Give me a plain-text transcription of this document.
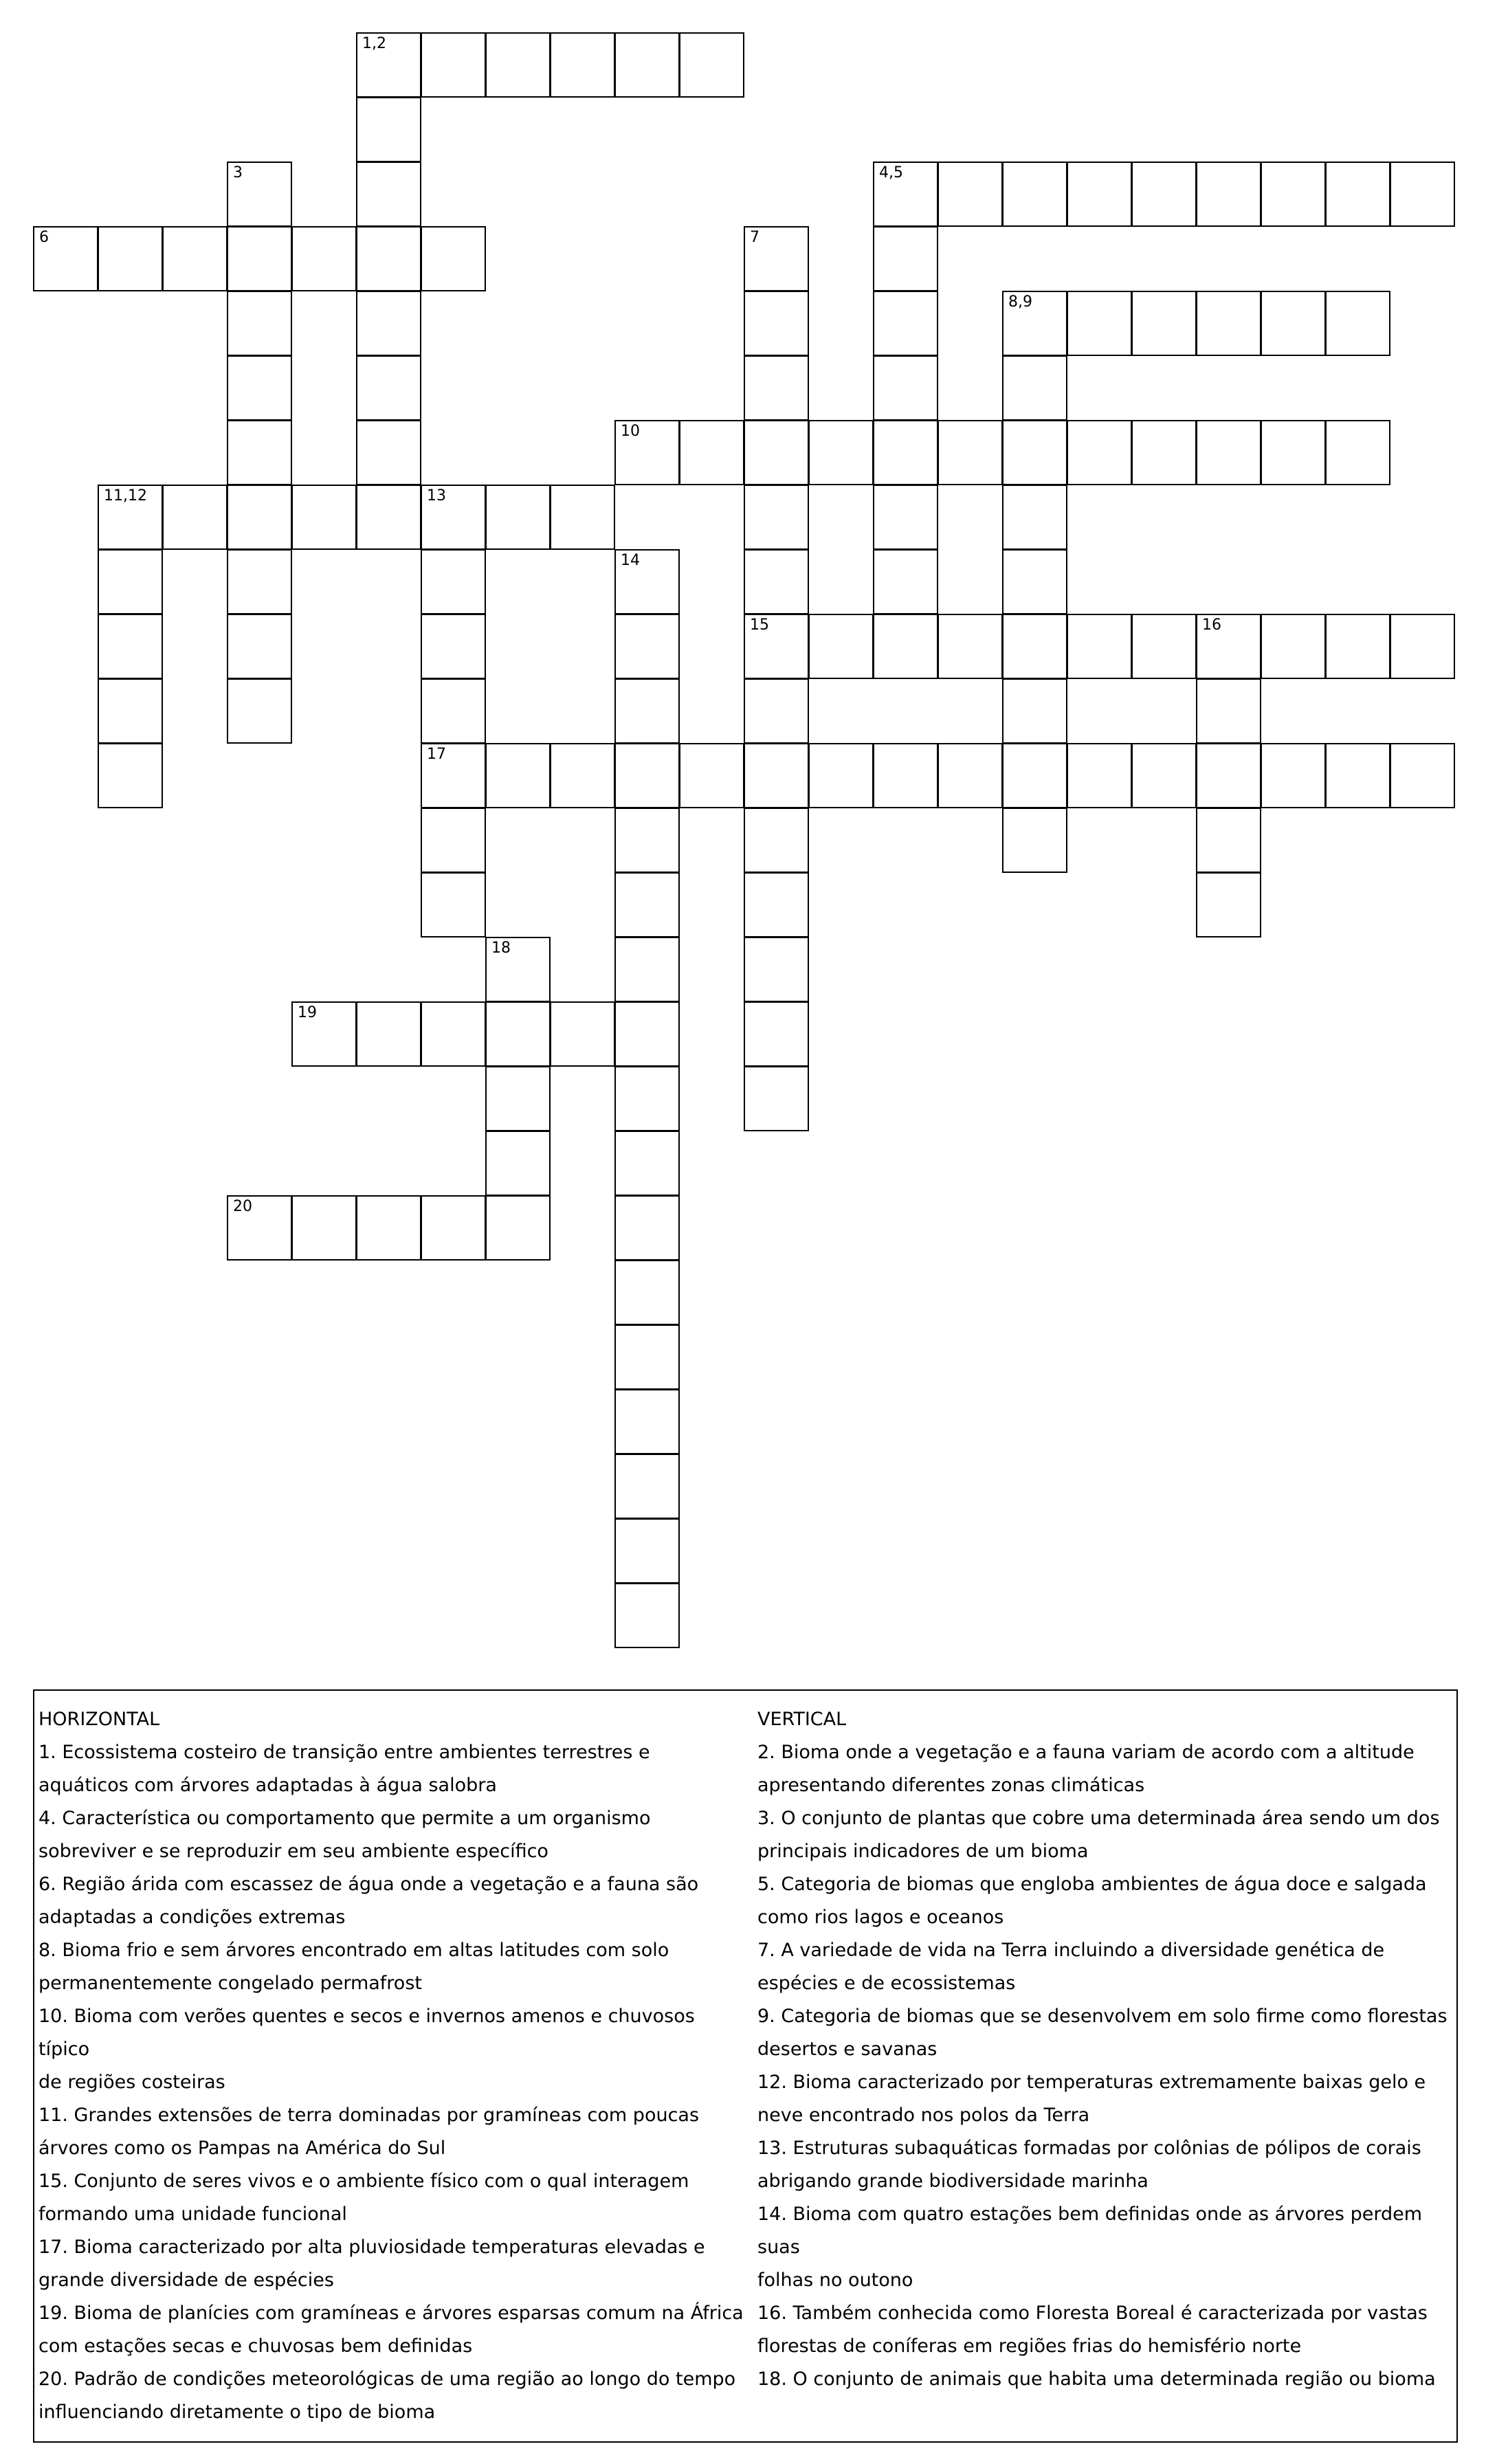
1,2
3	4,5
6	7
8,9
10
11,12	13
14
15	16
17
18
19
20
HORIZONTAL
1. Ecossistema costeiro de transição entre ambientes terrestres e
aquáticos com árvores adaptadas à água salobra
4. Característica ou comportamento que permite a um organismo
sobreviver e se reproduzir em seu ambiente específico
6. Região árida com escassez de água onde a vegetação e a fauna são
adaptadas a condições extremas
8. Bioma frio e sem árvores encontrado em altas latitudes com solo
permanentemente congelado permafrost
10. Bioma com verões quentes e secos e invernos amenos e chuvosos típico
de regiões costeiras
11. Grandes extensões de terra dominadas por gramíneas com poucas
árvores como os Pampas na América do Sul
15. Conjunto de seres vivos e o ambiente físico com o qual interagem
formando uma unidade funcional
17. Bioma caracterizado por alta pluviosidade temperaturas elevadas e
grande diversidade de espécies
19. Bioma de planícies com gramíneas e árvores esparsas comum na África
com estações secas e chuvosas bem definidas
20. Padrão de condições meteorológicas de uma região ao longo do tempo
influenciando diretamente o tipo de bioma
VERTICAL
2. Bioma onde a vegetação e a fauna variam de acordo com a altitude
apresentando diferentes zonas climáticas
3. O conjunto de plantas que cobre uma determinada área sendo um dos
principais indicadores de um bioma
5. Categoria de biomas que engloba ambientes de água doce e salgada
como rios lagos e oceanos
7. A variedade de vida na Terra incluindo a diversidade genética de
espécies e de ecossistemas
9. Categoria de biomas que se desenvolvem em solo firme como florestas
desertos e savanas
12. Bioma caracterizado por temperaturas extremamente baixas gelo e
neve encontrado nos polos da Terra
13. Estruturas subaquáticas formadas por colônias de pólipos de corais
abrigando grande biodiversidade marinha
14. Bioma com quatro estações bem definidas onde as árvores perdem suas
folhas no outono
16. Também conhecida como Floresta Boreal é caracterizada por vastas
florestas de coníferas em regiões frias do hemisfério norte
18. O conjunto de animais que habita uma determinada região ou bioma
